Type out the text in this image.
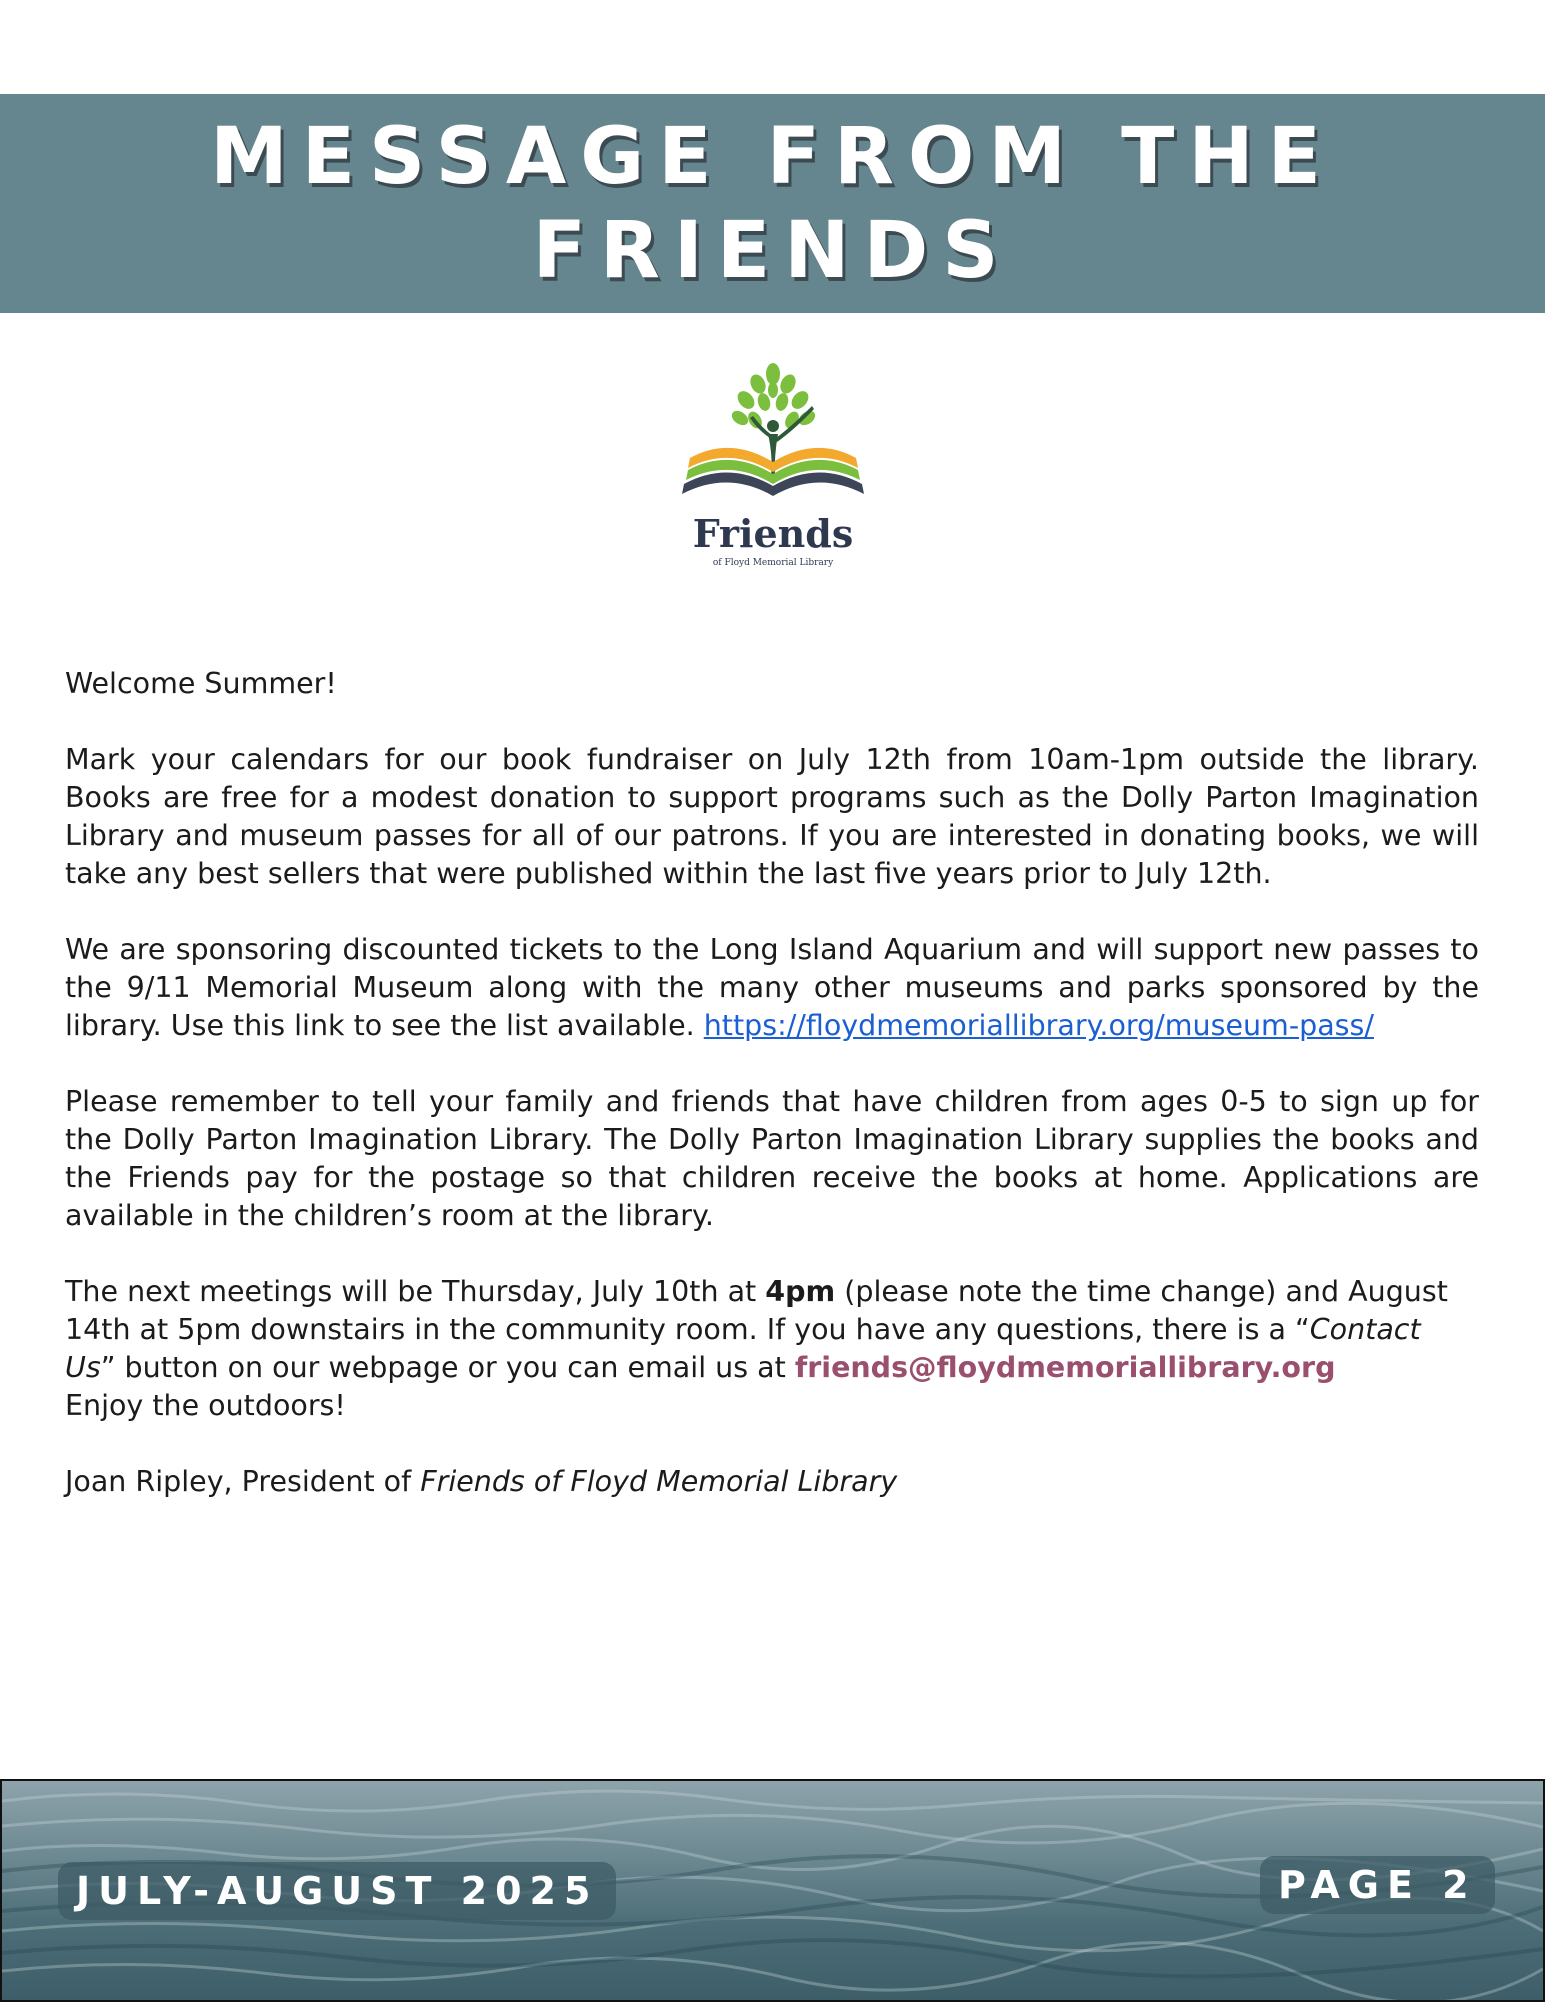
MESSAGE FROM THE
FRIENDS
Friends
of Floyd Memorial Library

Welcome Summer!

Mark your calendars for our book fundraiser on July 12th from 10am-1pm outside the library. Books are free for a modest donation to support programs such as the Dolly Parton Imagination Library and museum passes for all of our patrons. If you are interested in donating books, we will take any best sellers that were published within the last five years prior to July 12th.

We are sponsoring discounted tickets to the Long Island Aquarium and will support new passes to the 9/11 Memorial Museum along with the many other museums and parks sponsored by the library. Use this link to see the list available. https://floydmemoriallibrary.org/museum-pass/

Please remember to tell your family and friends that have children from ages 0-5 to sign up for the Dolly Parton Imagination Library. The Dolly Parton Imagination Library supplies the books and the Friends pay for the postage so that children receive the books at home. Applications are available in the children’s room at the library.

The next meetings will be Thursday, July 10th at 4pm (please note the time change) and August 14th at 5pm downstairs in the community room. If you have any questions, there is a “Contact Us” button on our webpage or you can email us at friends@floydmemoriallibrary.org

Enjoy the outdoors!

Joan Ripley, President of Friends of Floyd Memorial Library

JULY-AUGUST 2025	PAGE 2
